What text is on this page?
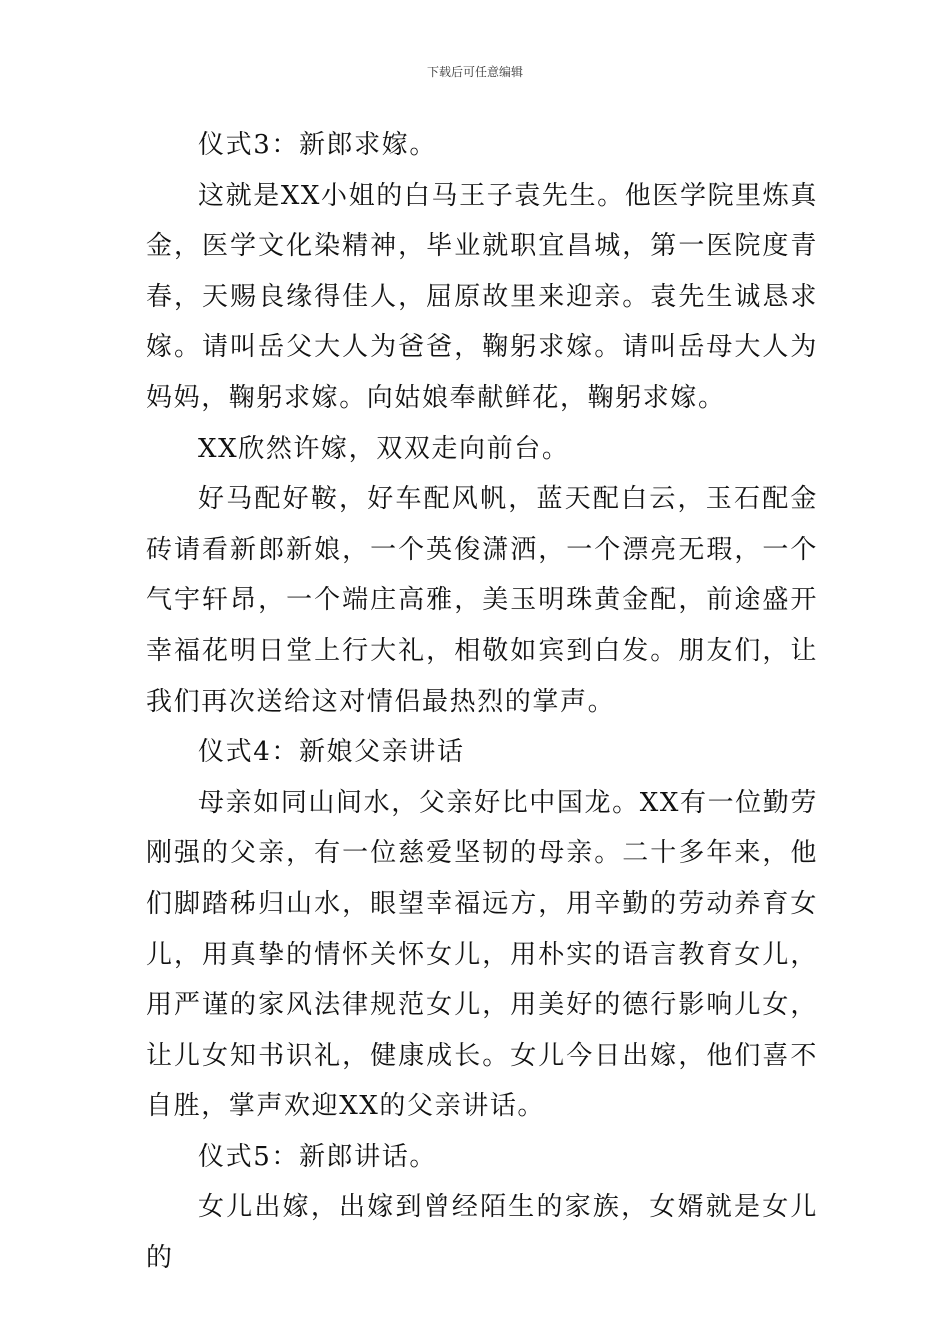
下载后可任意编辑

仪式3：新郎求嫁。

这就是XX小姐的白马王子袁先生。他医学院里炼真金，医学文化染精神，毕业就职宜昌城，第一医院度青春，天赐良缘得佳人，屈原故里来迎亲。袁先生诚恳求嫁。请叫岳父大人为爸爸，鞠躬求嫁。请叫岳母大人为妈妈，鞠躬求嫁。向姑娘奉献鲜花，鞠躬求嫁。

XX欣然许嫁，双双走向前台。

好马配好鞍，好车配风帆，蓝天配白云，玉石配金砖请看新郎新娘，一个英俊潇洒，一个漂亮无瑕，一个气宇轩昂，一个端庄高雅，美玉明珠黄金配，前途盛开幸福花明日堂上行大礼，相敬如宾到白发。朋友们，让我们再次送给这对情侣最热烈的掌声。

仪式4：新娘父亲讲话

母亲如同山间水，父亲好比中国龙。XX有一位勤劳刚强的父亲，有一位慈爱坚韧的母亲。二十多年来，他们脚踏秭归山水，眼望幸福远方，用辛勤的劳动养育女儿，用真挚的情怀关怀女儿，用朴实的语言教育女儿，用严谨的家风法律规范女儿，用美好的德行影响儿女，让儿女知书识礼，健康成长。女儿今日出嫁，他们喜不自胜，掌声欢迎XX的父亲讲话。

仪式5：新郎讲话。

女儿出嫁，出嫁到曾经陌生的家族，女婿就是女儿的
